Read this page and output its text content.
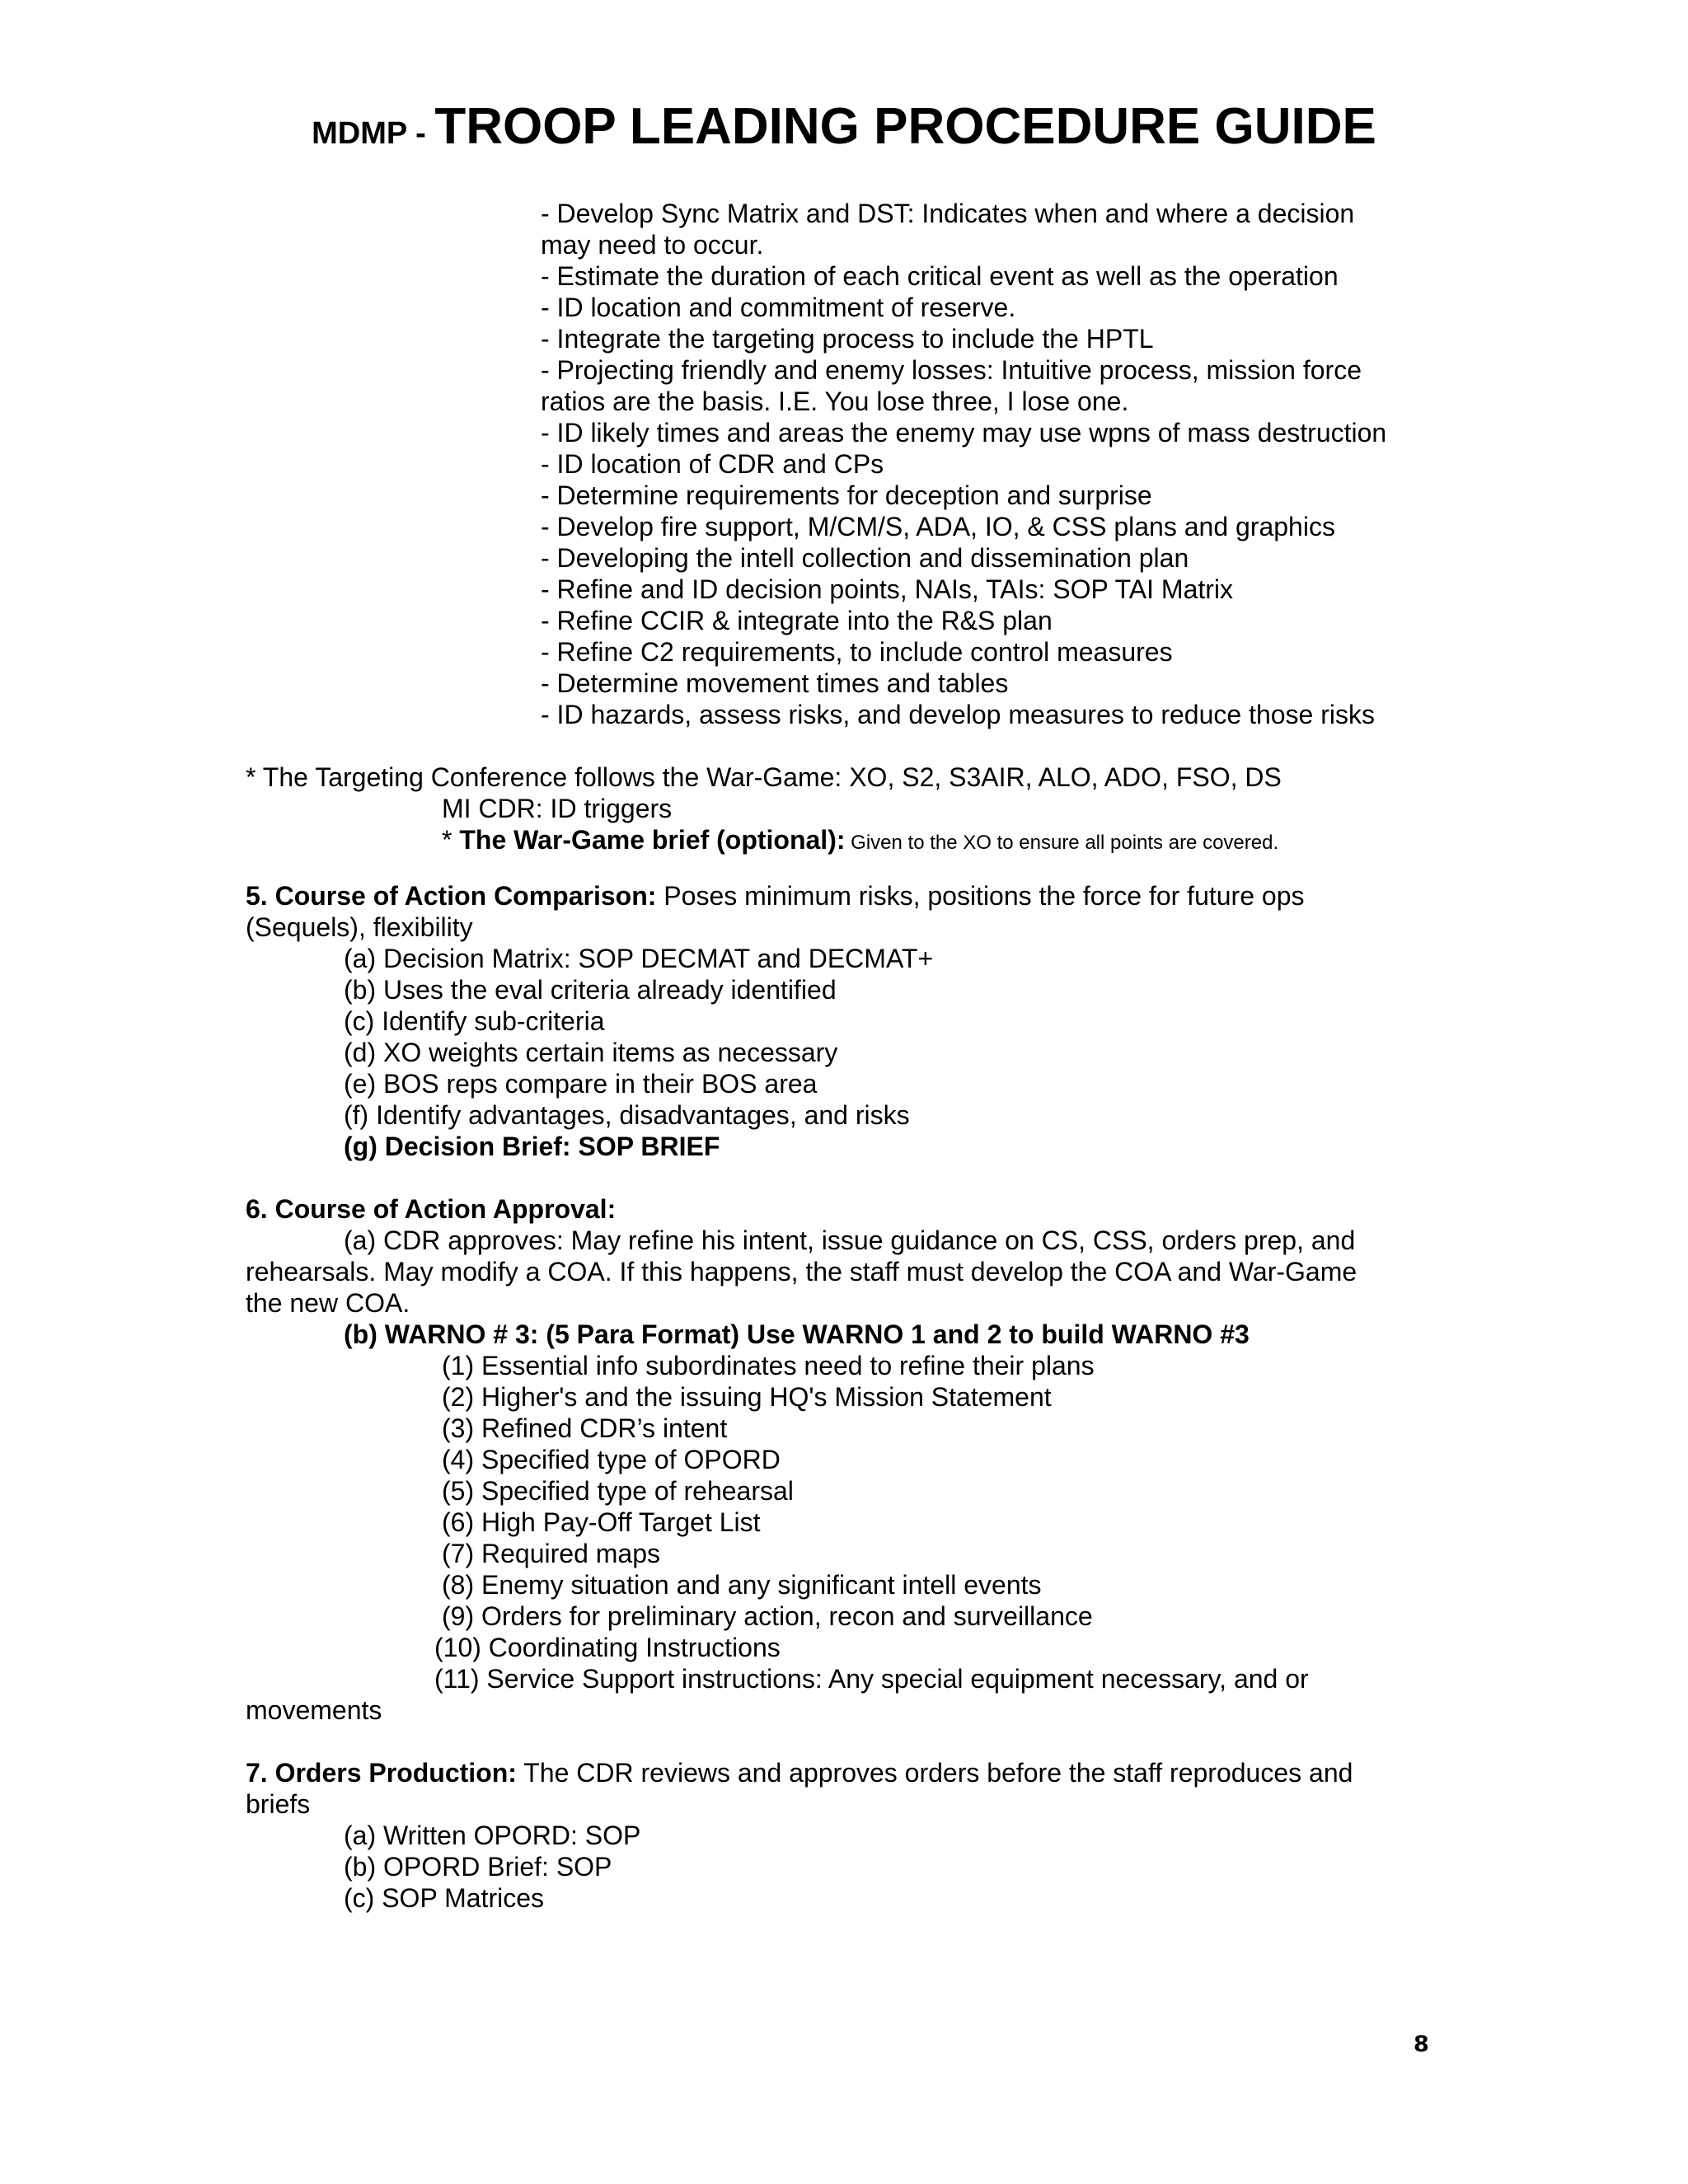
MDMP - TROOP LEADING PROCEDURE GUIDE
- Develop Sync Matrix and DST: Indicates when and where a decision
may need to occur.
- Estimate the duration of each critical event as well as the operation
- ID location and commitment of reserve.
- Integrate the targeting process to include the HPTL
- Projecting friendly and enemy losses: Intuitive process, mission force
ratios are the basis. I.E. You lose three, I lose one.
- ID likely times and areas the enemy may use wpns of mass destruction
- ID location of CDR and CPs
- Determine requirements for deception and surprise
- Develop fire support, M/CM/S, ADA, IO, & CSS plans and graphics
- Developing the intell collection and dissemination plan
- Refine and ID decision points, NAIs, TAIs: SOP TAI Matrix
- Refine CCIR & integrate into the R&S plan
- Refine C2 requirements, to include control measures
- Determine movement times and tables
- ID hazards, assess risks, and develop measures to reduce those risks
* The Targeting Conference follows the War-Game: XO, S2, S3AIR, ALO, ADO, FSO, DS
MI CDR: ID triggers
* The War-Game brief (optional): Given to the XO to ensure all points are covered.
5. Course of Action Comparison: Poses minimum risks, positions the force for future ops
(Sequels), flexibility
(a) Decision Matrix: SOP DECMAT and DECMAT+
(b) Uses the eval criteria already identified
(c) Identify sub-criteria
(d) XO weights certain items as necessary
(e) BOS reps compare in their BOS area
(f) Identify advantages, disadvantages, and risks
(g) Decision Brief: SOP BRIEF
6. Course of Action Approval:
(a) CDR approves: May refine his intent, issue guidance on CS, CSS, orders prep, and
rehearsals. May modify a COA. If this happens, the staff must develop the COA and War-Game
the new COA.
(b) WARNO # 3: (5 Para Format) Use WARNO 1 and 2 to build WARNO #3
(1) Essential info subordinates need to refine their plans
(2) Higher's and the issuing HQ's Mission Statement
(3) Refined CDR’s intent
(4) Specified type of OPORD
(5) Specified type of rehearsal
(6) High Pay-Off Target List
(7) Required maps
(8) Enemy situation and any significant intell events
(9) Orders for preliminary action, recon and surveillance
(10) Coordinating Instructions
(11) Service Support instructions: Any special equipment necessary, and or
movements
7. Orders Production: The CDR reviews and approves orders before the staff reproduces and
briefs
(a) Written OPORD: SOP
(b) OPORD Brief: SOP
(c) SOP Matrices
8
